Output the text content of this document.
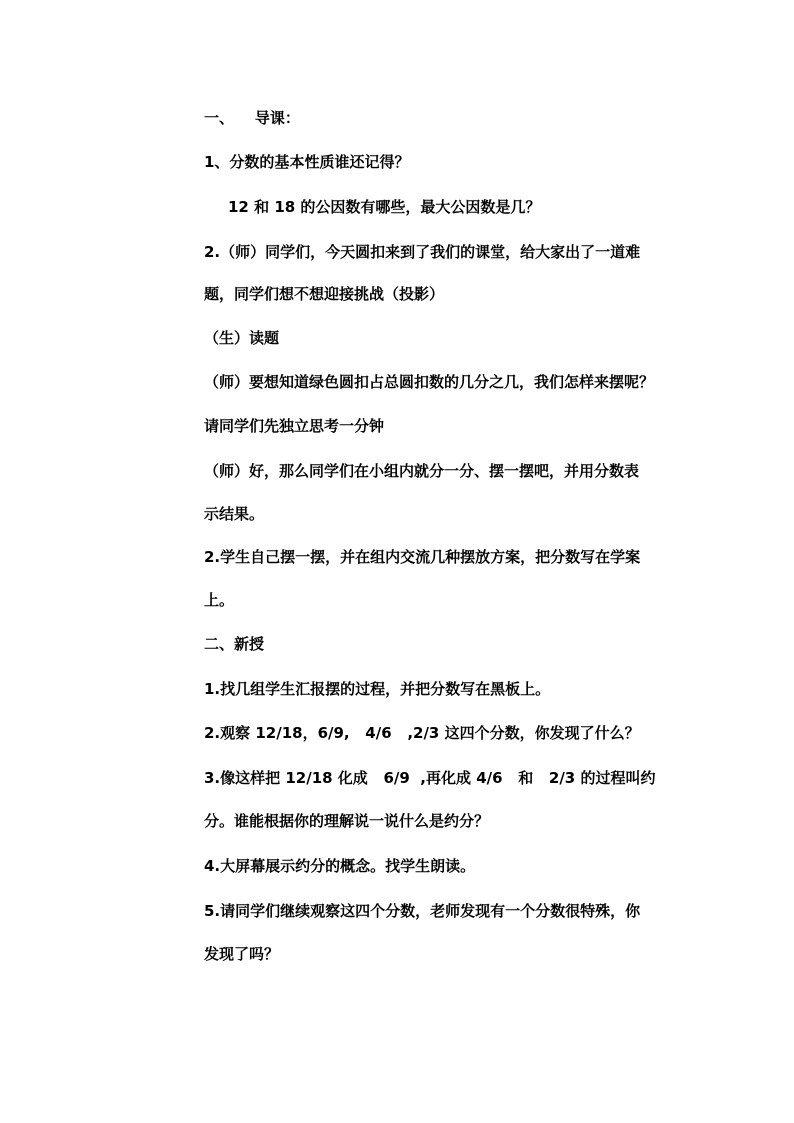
一、    导课：
1、分数的基本性质谁还记得？
12 和 18 的公因数有哪些，最大公因数是几？
2.（师）同学们，今天圆扣来到了我们的课堂，给大家出了一道难
题，同学们想不想迎接挑战（投影）
（生）读题
（师）要想知道绿色圆扣占总圆扣数的几分之几，我们怎样来摆呢？
请同学们先独立思考一分钟
（师）好，那么同学们在小组内就分一分、摆一摆吧，并用分数表
示结果。
2.学生自己摆一摆，并在组内交流几种摆放方案，把分数写在学案
上。
二、新授
1.找几组学生汇报摆的过程，并把分数写在黑板上。
2.观察 12/18，6/9,   4/6   ,2/3 这四个分数，你发现了什么？
3.像这样把 12/18 化成   6/9  ,再化成 4/6   和   2/3 的过程叫约
分。谁能根据你的理解说一说什么是约分？
4.大屏幕展示约分的概念。找学生朗读。
5.请同学们继续观察这四个分数，老师发现有一个分数很特殊，你
发现了吗？
